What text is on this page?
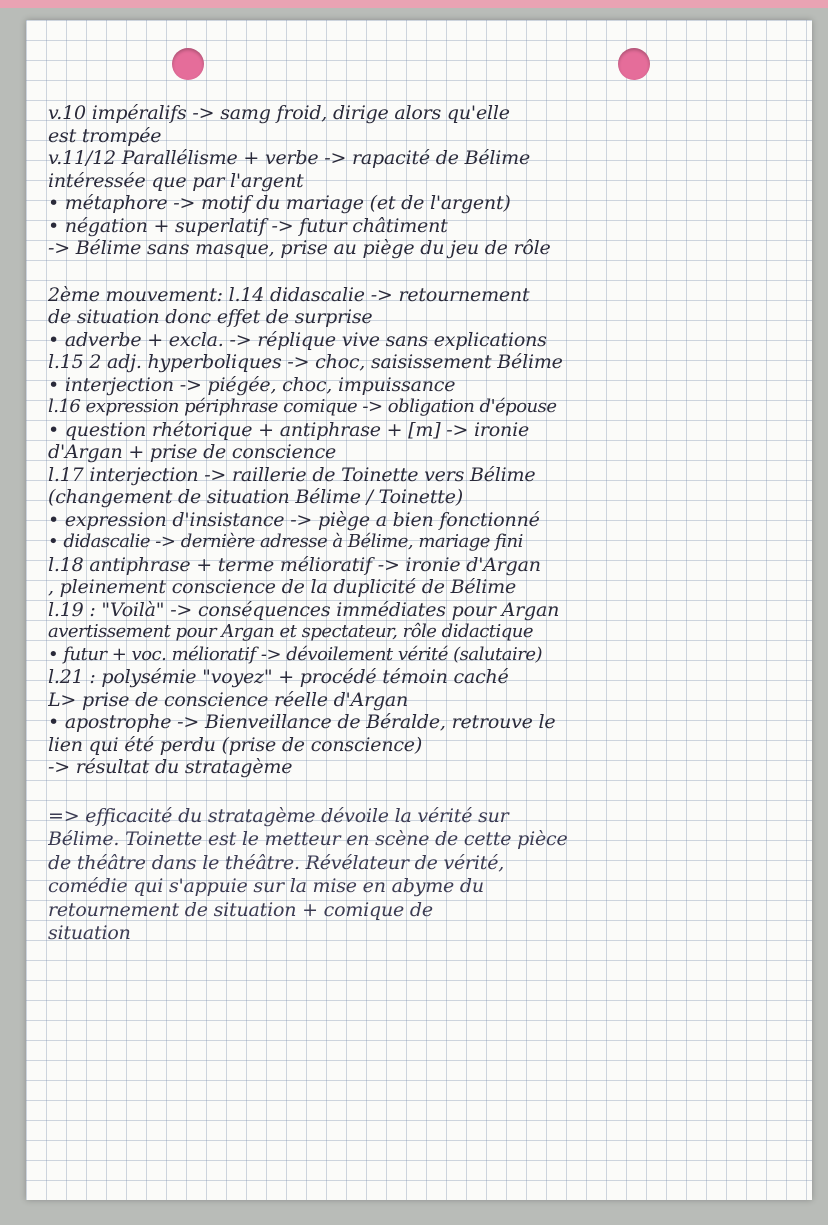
v.10 impéralifs -> samg froid, dirige alors qu'elle
est trompée
v.11/12 Parallélisme + verbe -> rapacité de Bélime
intéressée que par l'argent
• métaphore -> motif du mariage (et de l'argent)
• négation + superlatif -> futur châtiment
-> Bélime sans masque, prise au piège du jeu de rôle
2ème mouvement: l.14 didascalie -> retournement
de situation donc effet de surprise
• adverbe + excla. -> réplique vive sans explications
l.15 2 adj. hyperboliques -> choc, saisissement Bélime
• interjection -> piégée, choc, impuissance
l.16 expression périphrase comique -> obligation d'épouse
• question rhétorique + antiphrase + [m] -> ironie
d'Argan + prise de conscience
l.17 interjection -> raillerie de Toinette vers Bélime
(changement de situation Bélime / Toinette)
• expression d'insistance -> piège a bien fonctionné
• didascalie -> dernière adresse à Bélime, mariage fini
l.18 antiphrase + terme mélioratif -> ironie d'Argan
, pleinement conscience de la duplicité de Bélime
l.19 : "Voilà" -> conséquences immédiates pour Argan
avertissement pour Argan et spectateur, rôle didactique
• futur + voc. mélioratif -> dévoilement vérité (salutaire)
l.21 : polysémie "voyez" + procédé témoin caché
L> prise de conscience réelle d'Argan
• apostrophe -> Bienveillance de Béralde, retrouve le
lien qui été perdu (prise de conscience)
-> résultat du stratagème
=> efficacité du stratagème dévoile la vérité sur
Bélime. Toinette est le metteur en scène de cette pièce
de théâtre dans le théâtre. Révélateur de vérité,
comédie qui s'appuie sur la mise en abyme du
retournement de situation + comique de
situation
